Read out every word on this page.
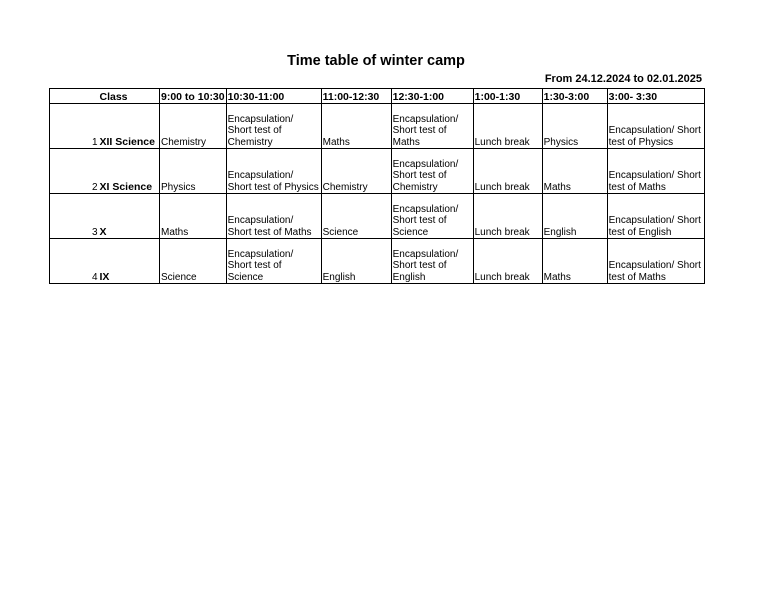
Time table of winter camp
From 24.12.2024 to 02.01.2025
	Class	9:00 to 10:30	10:30-11:00	11:00-12:30	12:30-1:00	1:00-1:30	1:30-3:00	3:00- 3:30
1	XII Science	Chemistry	Encapsulation/ Short test of Chemistry	Maths	Encapsulation/ Short test of Maths	Lunch break	Physics	Encapsulation/ Short test of Physics
2	XI Science	Physics	Encapsulation/ Short test of Physics	Chemistry	Encapsulation/ Short test of Chemistry	Lunch break	Maths	Encapsulation/ Short test of Maths
3	X	Maths	Encapsulation/ Short test of Maths	Science	Encapsulation/ Short test of Science	Lunch break	English	Encapsulation/ Short test of English
4	IX	Science	Encapsulation/ Short test of Science	English	Encapsulation/ Short test of English	Lunch break	Maths	Encapsulation/ Short test of Maths
